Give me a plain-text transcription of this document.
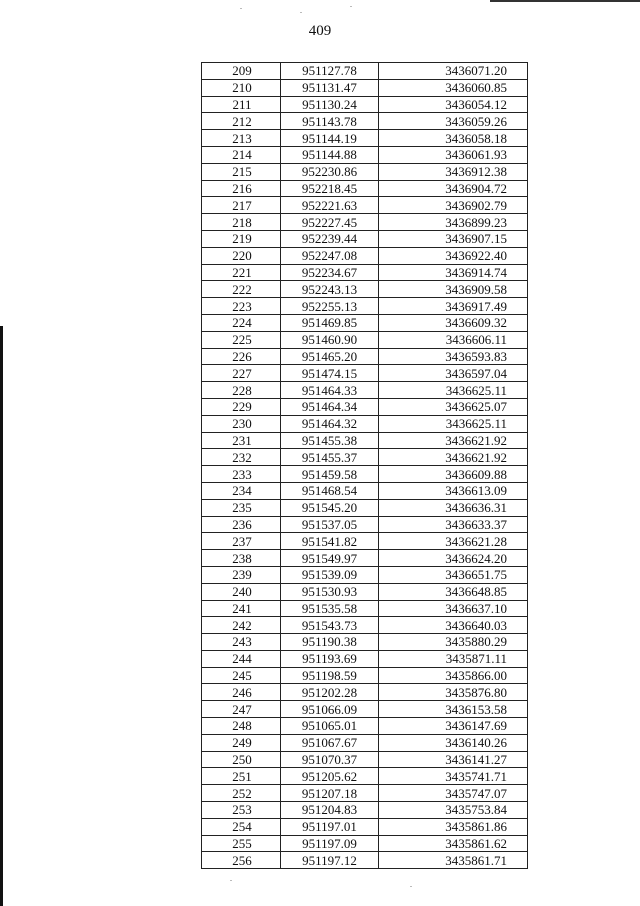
409
209	951127.78	3436071.20
210	951131.47	3436060.85
211	951130.24	3436054.12
212	951143.78	3436059.26
213	951144.19	3436058.18
214	951144.88	3436061.93
215	952230.86	3436912.38
216	952218.45	3436904.72
217	952221.63	3436902.79
218	952227.45	3436899.23
219	952239.44	3436907.15
220	952247.08	3436922.40
221	952234.67	3436914.74
222	952243.13	3436909.58
223	952255.13	3436917.49
224	951469.85	3436609.32
225	951460.90	3436606.11
226	951465.20	3436593.83
227	951474.15	3436597.04
228	951464.33	3436625.11
229	951464.34	3436625.07
230	951464.32	3436625.11
231	951455.38	3436621.92
232	951455.37	3436621.92
233	951459.58	3436609.88
234	951468.54	3436613.09
235	951545.20	3436636.31
236	951537.05	3436633.37
237	951541.82	3436621.28
238	951549.97	3436624.20
239	951539.09	3436651.75
240	951530.93	3436648.85
241	951535.58	3436637.10
242	951543.73	3436640.03
243	951190.38	3435880.29
244	951193.69	3435871.11
245	951198.59	3435866.00
246	951202.28	3435876.80
247	951066.09	3436153.58
248	951065.01	3436147.69
249	951067.67	3436140.26
250	951070.37	3436141.27
251	951205.62	3435741.71
252	951207.18	3435747.07
253	951204.83	3435753.84
254	951197.01	3435861.86
255	951197.09	3435861.62
256	951197.12	3435861.71
